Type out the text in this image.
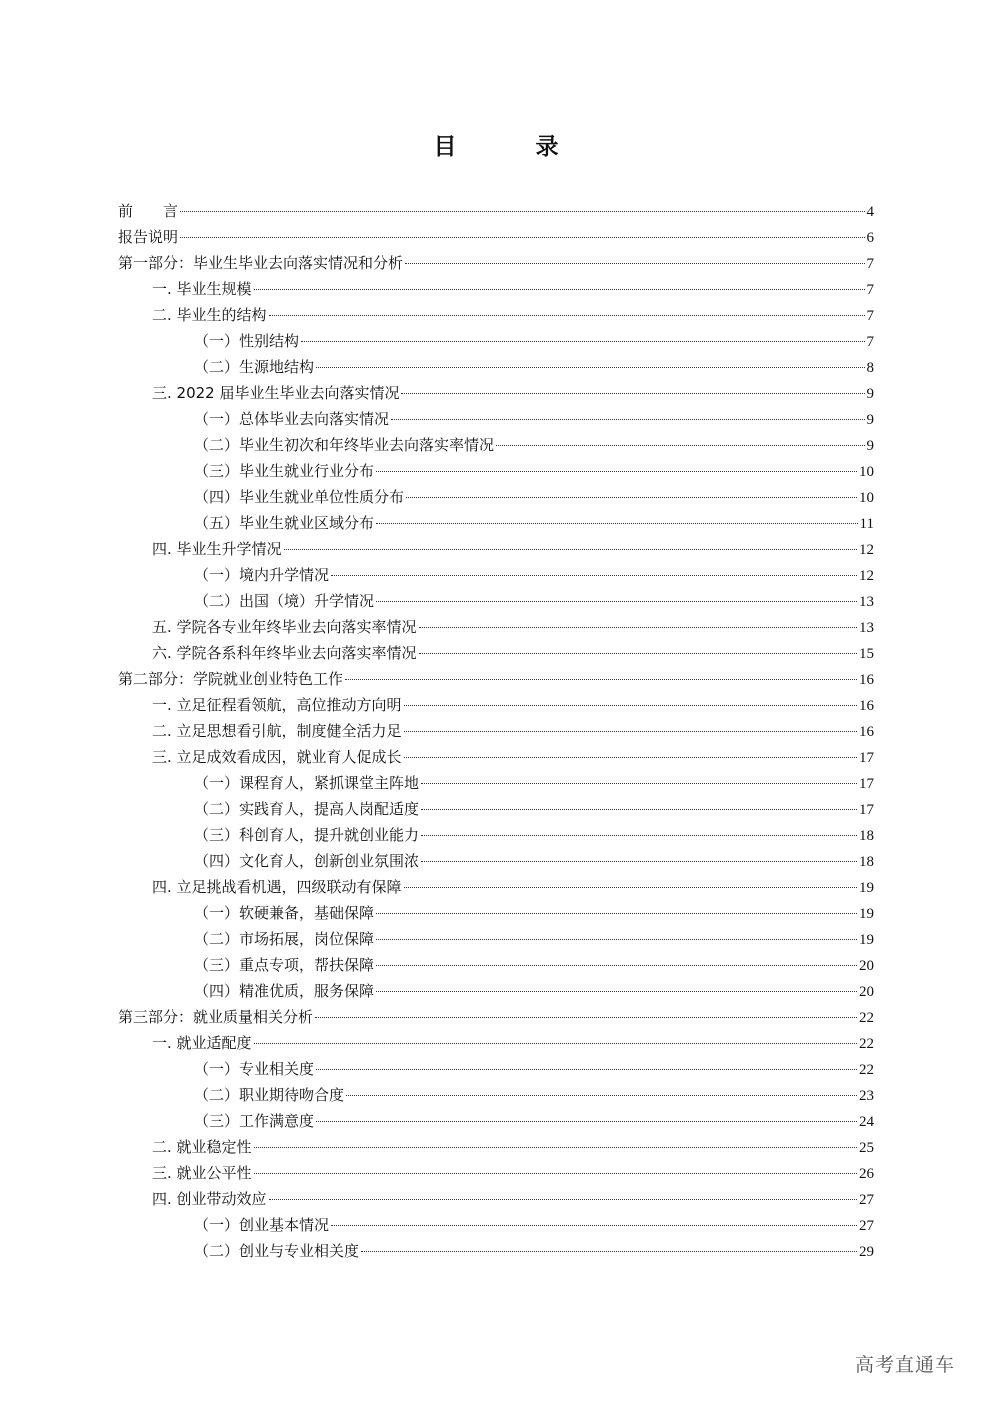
目　录
前　　言	4
报告说明	6
第一部分：毕业生毕业去向落实情况和分析	7
一. 毕业生规模	7
二. 毕业生的结构	7
（一）性别结构	7
（二）生源地结构	8
三. 2022 届毕业生毕业去向落实情况	9
（一）总体毕业去向落实情况	9
（二）毕业生初次和年终毕业去向落实率情况	9
（三）毕业生就业行业分布	10
（四）毕业生就业单位性质分布	10
（五）毕业生就业区域分布	11
四. 毕业生升学情况	12
（一）境内升学情况	12
（二）出国（境）升学情况	13
五. 学院各专业年终毕业去向落实率情况	13
六. 学院各系科年终毕业去向落实率情况	15
第二部分：学院就业创业特色工作	16
一. 立足征程看领航，高位推动方向明	16
二. 立足思想看引航，制度健全活力足	16
三. 立足成效看成因，就业育人促成长	17
（一）课程育人，紧抓课堂主阵地	17
（二）实践育人，提高人岗配适度	17
（三）科创育人，提升就创业能力	18
（四）文化育人，创新创业氛围浓	18
四. 立足挑战看机遇，四级联动有保障	19
（一）软硬兼备，基础保障	19
（二）市场拓展，岗位保障	19
（三）重点专项，帮扶保障	20
（四）精准优质，服务保障	20
第三部分：就业质量相关分析	22
一. 就业适配度	22
（一）专业相关度	22
（二）职业期待吻合度	23
（三）工作满意度	24
二. 就业稳定性	25
三. 就业公平性	26
四. 创业带动效应	27
（一）创业基本情况	27
（二）创业与专业相关度	29
高考直通车
